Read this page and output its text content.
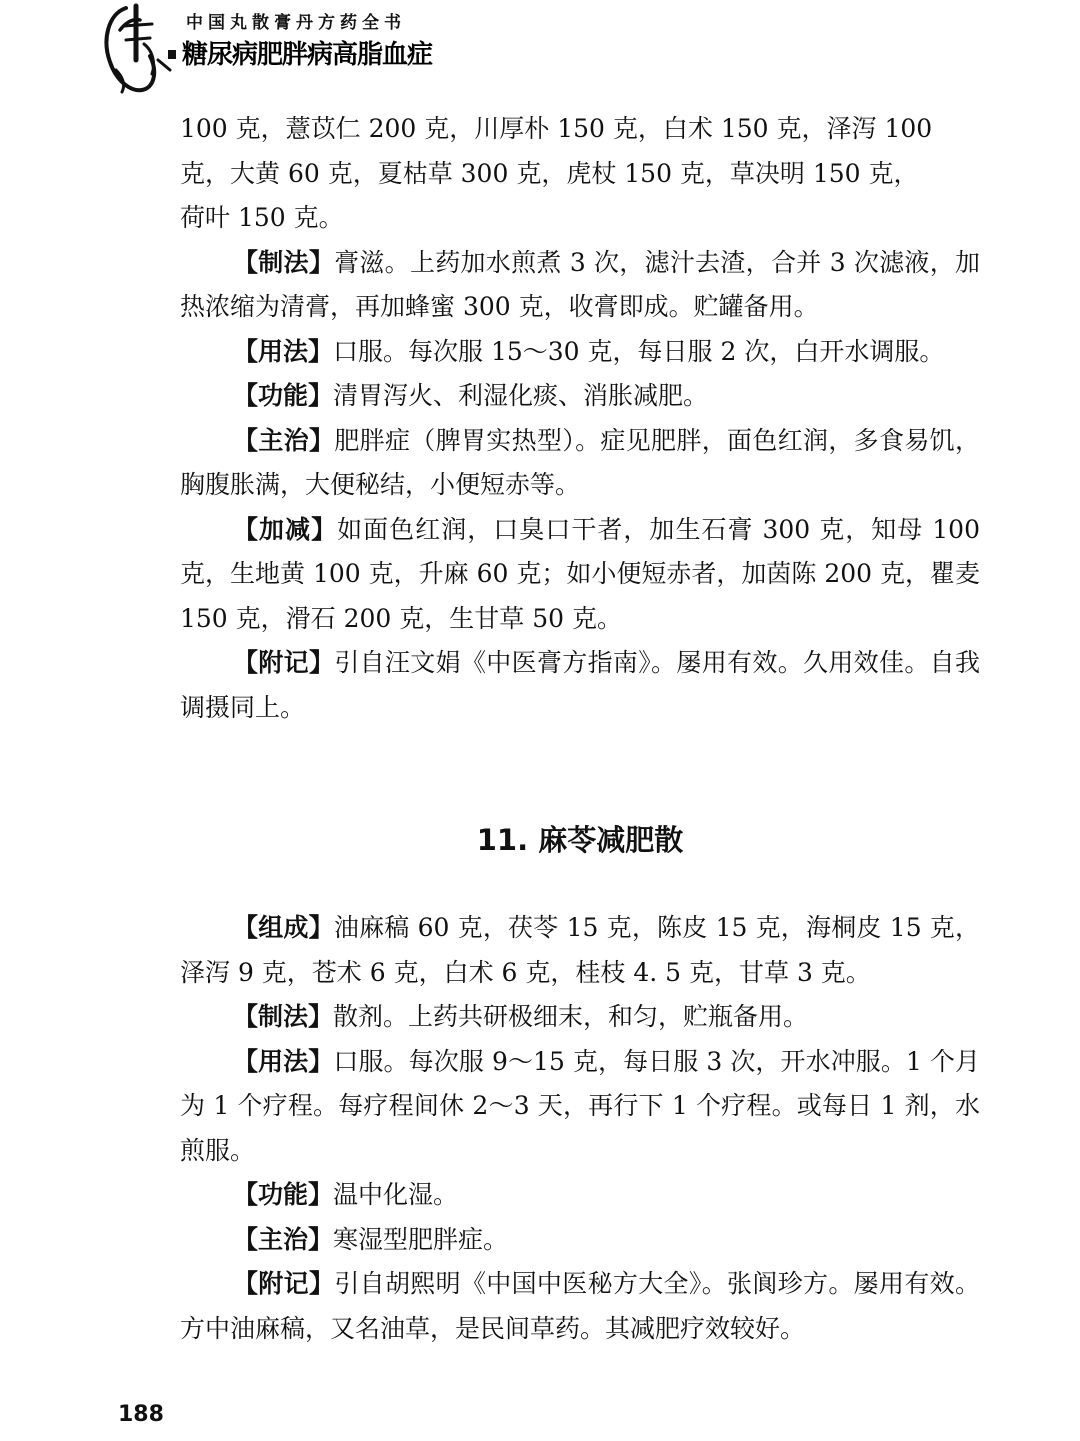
中国丸散膏丹方药全书
糖尿病肥胖病高脂血症

100 克，薏苡仁 200 克，川厚朴 150 克，白术 150 克，泽泻 100

克，大黄 60 克，夏枯草 300 克，虎杖 150 克，草决明 150 克，

荷叶 150 克。

【制法】膏滋。上药加水煎煮 3 次，滤汁去渣，合并 3 次滤液，加热浓缩为清膏，再加蜂蜜 300 克，收膏即成。贮罐备用。

【用法】口服。每次服 15～30 克，每日服 2 次，白开水调服。

【功能】清胃泻火、利湿化痰、消胀减肥。

【主治】肥胖症（脾胃实热型）。症见肥胖，面色红润，多食易饥，胸腹胀满，大便秘结，小便短赤等。

【加减】如面色红润，口臭口干者，加生石膏 300 克，知母 100 克，生地黄 100 克，升麻 60 克；如小便短赤者，加茵陈 200 克，瞿麦 150 克，滑石 200 克，生甘草 50 克。

【附记】引自汪文娟《中医膏方指南》。屡用有效。久用效佳。自我调摄同上。

11. 麻苓减肥散

【组成】油麻稿 60 克，茯苓 15 克，陈皮 15 克，海桐皮 15 克，泽泻 9 克，苍术 6 克，白术 6 克，桂枝 4. 5 克，甘草 3 克。

【制法】散剂。上药共研极细末，和匀，贮瓶备用。

【用法】口服。每次服 9～15 克，每日服 3 次，开水冲服。1 个月为 1 个疗程。每疗程间休 2～3 天，再行下 1 个疗程。或每日 1 剂，水煎服。

【功能】温中化湿。

【主治】寒湿型肥胖症。

【附记】引自胡熙明《中国中医秘方大全》。张阆珍方。屡用有效。方中油麻稿，又名油草，是民间草药。其减肥疗效较好。

188
